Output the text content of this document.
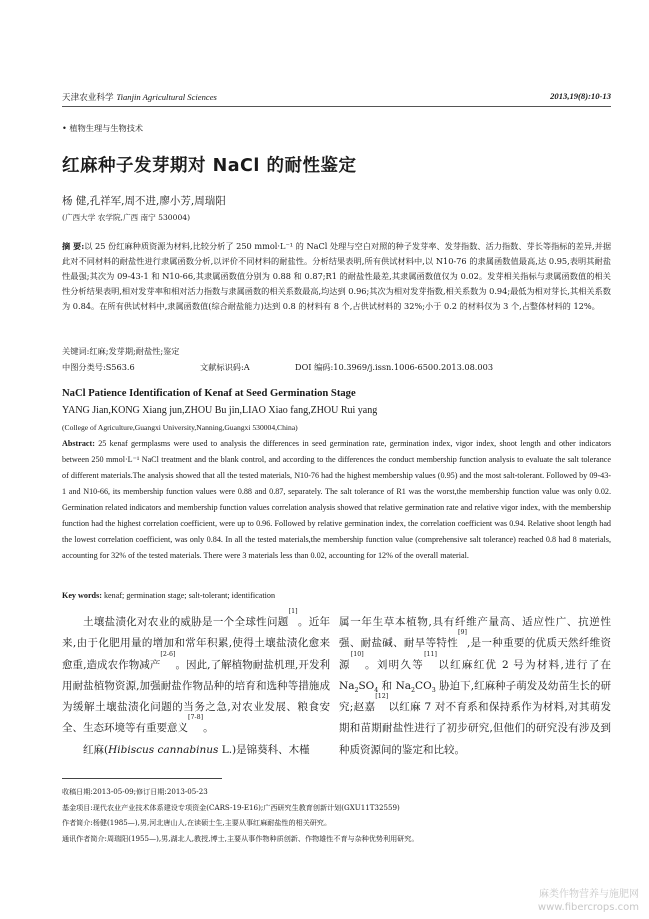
天津农业科学 Tianjin Agricultural Sciences	2013,19(8):10-13
• 植物生理与生物技术
红麻种子发芽期对 NaCl 的耐性鉴定
杨 健,孔祥军,周不进,廖小芳,周瑞阳
(广西大学 农学院,广西 南宁 530004)
摘 要:以 25 份红麻种质资源为材料,比较分析了 250 mmol·L⁻¹ 的 NaCl 处理与空白对照的种子发芽率、发芽指数、活力指数、芽长等指标的差异,并据此对不同材料的耐盐性进行隶属函数分析,以评价不同材料的耐盐性。分析结果表明,所有供试材料中,以 N10-76 的隶属函数值最高,达 0.95,表明其耐盐性最强;其次为 09-43-1 和 N10-66,其隶属函数值分别为 0.88 和 0.87;R1 的耐盐性最差,其隶属函数值仅为 0.02。发芽相关指标与隶属函数值的相关性分析结果表明,相对发芽率和相对活力指数与隶属函数的相关系数最高,均达到 0.96;其次为相对发芽指数,相关系数为 0.94;最低为相对芽长,其相关系数为 0.84。在所有供试材料中,隶属函数值(综合耐盐能力)达到 0.8 的材料有 8 个,占供试材料的 32%;小于 0.2 的材料仅为 3 个,占整体材料的 12%。
关键词:红麻;发芽期;耐盐性;鉴定
中图分类号:S563.6	文献标识码:A	DOI 编码:10.3969/j.issn.1006-6500.2013.08.003
NaCl Patience Identification of Kenaf at Seed Germination Stage
YANG Jian,KONG Xiang jun,ZHOU Bu jin,LIAO Xiao fang,ZHOU Rui yang
(College of Agriculture,Guangxi University,Nanning,Guangxi 530004,China)
Abstract: 25 kenaf germplasms were used to analysis the differences in seed germination rate, germination index, vigor index, shoot length and other indicators between 250 mmol·L⁻¹ NaCl treatment and the blank control, and according to the differences the conduct membership function analysis to evaluate the salt tolerance of different materials.The analysis showed that all the tested materials, N10-76 had the highest membership values (0.95) and the most salt-tolerant. Followed by 09-43-1 and N10-66, its membership function values were 0.88 and 0.87, separately. The salt tolerance of R1 was the worst,the membership function value was only 0.02. Germination related indicators and membership function values correlation analysis showed that relative germination rate and relative vigor index, with the membership function had the highest correlation coefficient, were up to 0.96. Followed by relative germination index, the correlation coefficient was 0.94. Relative shoot length had the lowest correlation coefficient, was only 0.84. In all the tested materials,the membership function value (comprehensive salt tolerance) reached 0.8 had 8 materials, accounting for 32% of the tested materials. There were 3 materials less than 0.02, accounting for 12% of the overall material.
Key words: kenaf; germination stage; salt-tolerant; identification
土壤盐渍化对农业的威胁是一个全球性问题[1]。近年来,由于化肥用量的增加和常年积累,使得土壤盐渍化愈来愈重,造成农作物减产[2-6]。因此,了解植物耐盐机理,开发利用耐盐植物资源,加强耐盐作物品种的培育和选种等措施成为缓解土壤盐渍化问题的当务之急,对农业发展、粮食安全、生态环境等有重要意义[7-8]。
红麻(Hibiscus cannabinus L.)是锦葵科、木槿
属一年生草本植物,具有纤维产量高、适应性广、抗逆性强、耐盐碱、耐旱等特性[9],是一种重要的优质天然纤维资源[10]。刘明久等[11]以红麻红优 2 号为材料,进行了在 $Na_2SO_4$ 和 $Na_2CO_3$ 胁迫下,红麻种子萌发及幼苗生长的研究;赵嘉[12]以红麻 7 对不育系和保持系作为材料,对其萌发期和苗期耐盐性进行了初步研究,但他们的研究没有涉及到种质资源间的鉴定和比较。
收稿日期:2013-05-09;修订日期:2013-05-23
基金项目:现代农业产业技术体系建设专项资金(CARS-19-E16);广西研究生教育创新计划(GXU11T32559)
作者简介:杨健(1985—),男,河北唐山人,在读硕士生,主要从事红麻耐盐性的相关研究。
通讯作者简介:周瑞阳(1955—),男,湖北人,教授,博士,主要从事作物种质创新、作物雄性不育与杂种优势利用研究。
麻类作物营养与施肥网
www.fibercrops.com
